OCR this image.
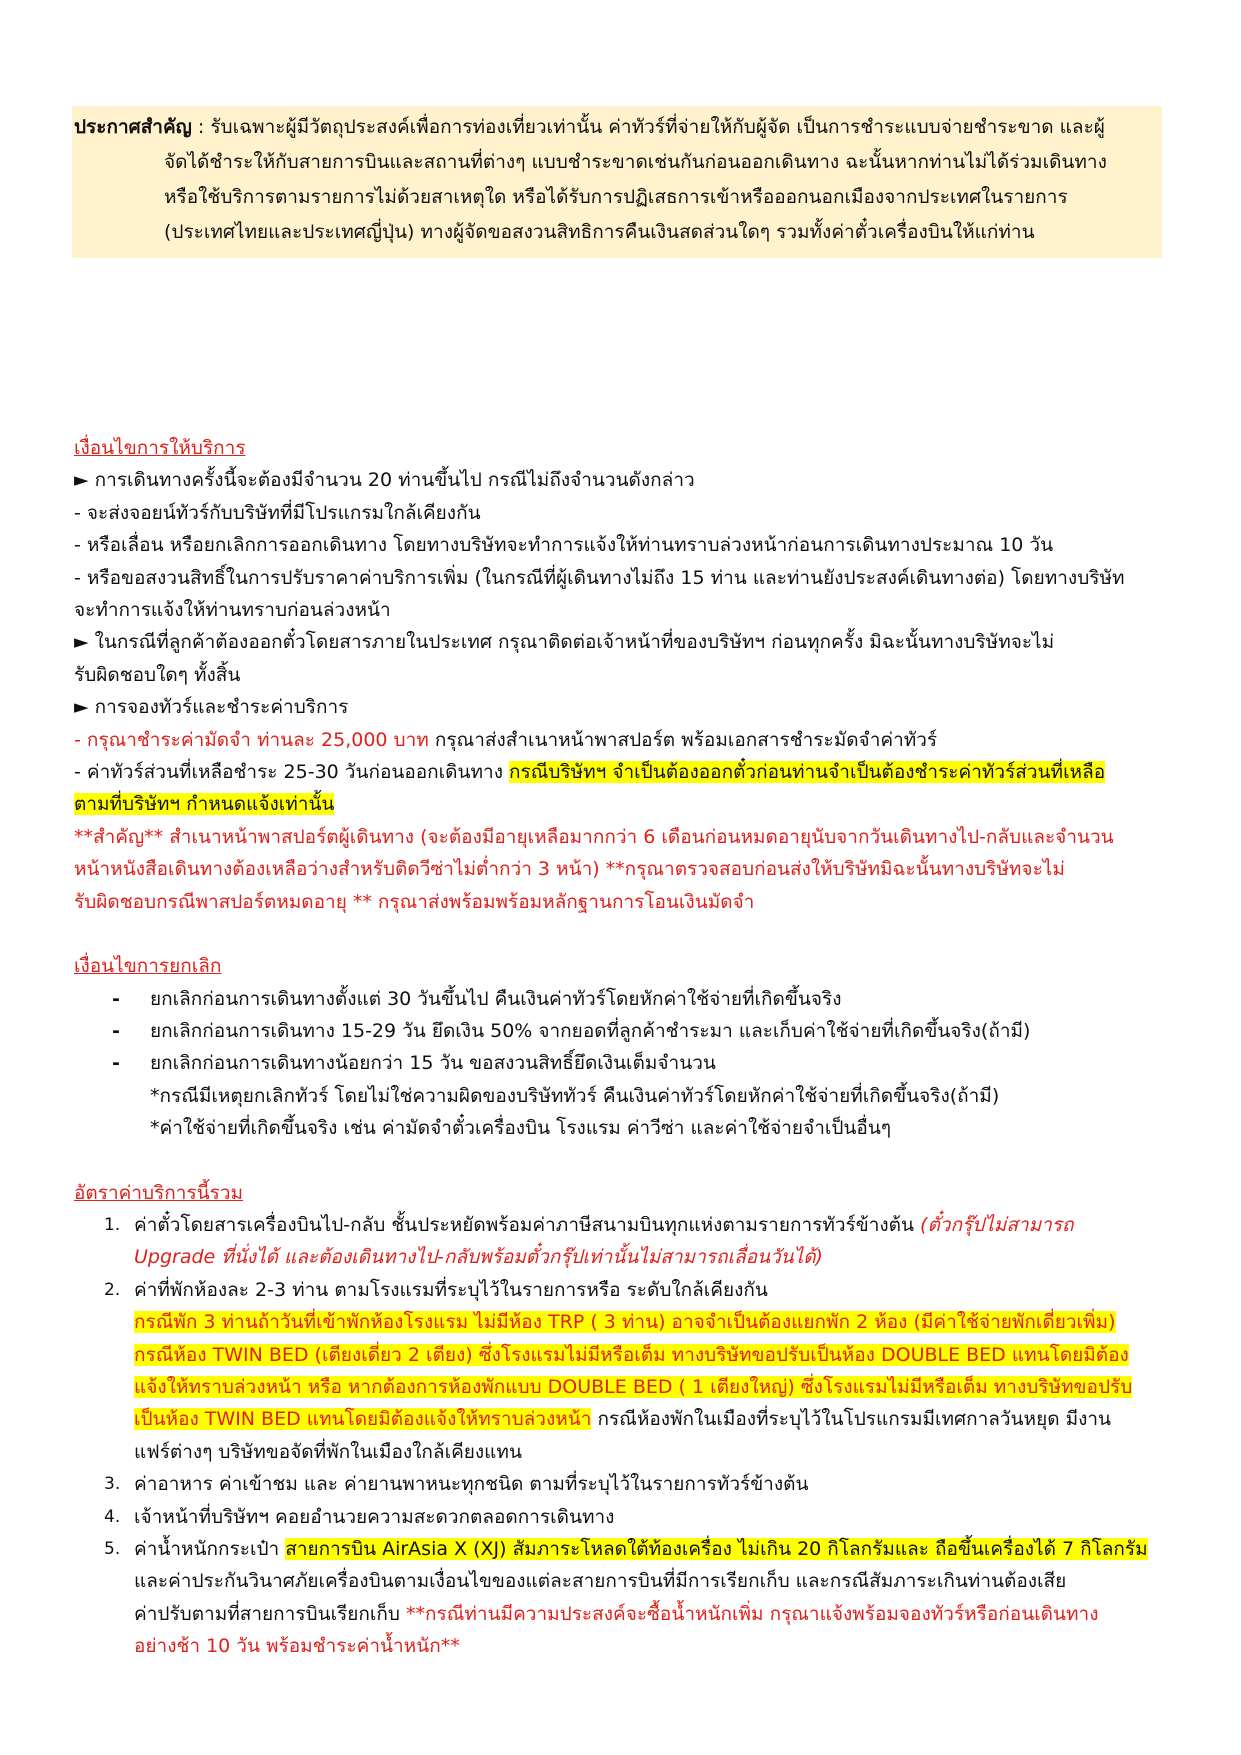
ประกาศสำคัญ : รับเฉพาะผู้มีวัตถุประสงค์เพื่อการท่องเที่ยวเท่านั้น ค่าทัวร์ที่จ่ายให้กับผู้จัด เป็นการชำระแบบจ่ายชำระขาด และผู้

จัดได้ชำระให้กับสายการบินและสถานที่ต่างๆ แบบชำระขาดเช่นกันก่อนออกเดินทาง ฉะนั้นหากท่านไม่ได้ร่วมเดินทาง

หรือใช้บริการตามรายการไม่ด้วยสาเหตุใด หรือได้รับการปฏิเสธการเข้าหรือออกนอกเมืองจากประเทศในรายการ

(ประเทศไทยและประเทศญี่ปุ่น) ทางผู้จัดขอสงวนสิทธิการคืนเงินสดส่วนใดๆ รวมทั้งค่าตั๋วเครื่องบินให้แก่ท่าน

เงื่อนไขการให้บริการ

► การเดินทางครั้งนี้จะต้องมีจำนวน 20 ท่านขึ้นไป กรณีไม่ถึงจำนวนดังกล่าว

- จะส่งจอยน์ทัวร์กับบริษัทที่มีโปรแกรมใกล้เคียงกัน

- หรือเลื่อน หรือยกเลิกการออกเดินทาง โดยทางบริษัทจะทำการแจ้งให้ท่านทราบล่วงหน้าก่อนการเดินทางประมาณ 10 วัน

- หรือขอสงวนสิทธิ์ในการปรับราคาค่าบริการเพิ่ม (ในกรณีที่ผู้เดินทางไม่ถึง 15 ท่าน และท่านยังประสงค์เดินทางต่อ) โดยทางบริษัท

จะทำการแจ้งให้ท่านทราบก่อนล่วงหน้า

► ในกรณีที่ลูกค้าต้องออกตั๋วโดยสารภายในประเทศ กรุณาติดต่อเจ้าหน้าที่ของบริษัทฯ ก่อนทุกครั้ง มิฉะนั้นทางบริษัทจะไม่

รับผิดชอบใดๆ ทั้งสิ้น

► การจองทัวร์และชำระค่าบริการ

- กรุณาชำระค่ามัดจำ ท่านละ 25,000 บาท กรุณาส่งสำเนาหน้าพาสปอร์ต พร้อมเอกสารชำระมัดจำค่าทัวร์

- ค่าทัวร์ส่วนที่เหลือชำระ 25-30 วันก่อนออกเดินทาง กรณีบริษัทฯ จำเป็นต้องออกตั๋วก่อนท่านจำเป็นต้องชำระค่าทัวร์ส่วนที่เหลือ

ตามที่บริษัทฯ กำหนดแจ้งเท่านั้น

**สำคัญ** สำเนาหน้าพาสปอร์ตผู้เดินทาง (จะต้องมีอายุเหลือมากกว่า 6 เดือนก่อนหมดอายุนับจากวันเดินทางไป-กลับและจำนวน

หน้าหนังสือเดินทางต้องเหลือว่างสำหรับติดวีซ่าไม่ต่ำกว่า 3 หน้า) **กรุณาตรวจสอบก่อนส่งให้บริษัทมิฉะนั้นทางบริษัทจะไม่

รับผิดชอบกรณีพาสปอร์ตหมดอายุ ** กรุณาส่งพร้อมพร้อมหลักฐานการโอนเงินมัดจำ

เงื่อนไขการยกเลิก

-	ยกเลิกก่อนการเดินทางตั้งแต่ 30 วันขึ้นไป คืนเงินค่าทัวร์โดยหักค่าใช้จ่ายที่เกิดขึ้นจริง
-	ยกเลิกก่อนการเดินทาง 15-29 วัน ยึดเงิน 50% จากยอดที่ลูกค้าชำระมา และเก็บค่าใช้จ่ายที่เกิดขึ้นจริง(ถ้ามี)
-	ยกเลิกก่อนการเดินทางน้อยกว่า 15 วัน ขอสงวนสิทธิ์ยึดเงินเต็มจำนวน

*กรณีมีเหตุยกเลิกทัวร์ โดยไม่ใช่ความผิดของบริษัททัวร์ คืนเงินค่าทัวร์โดยหักค่าใช้จ่ายที่เกิดขึ้นจริง(ถ้ามี)

*ค่าใช้จ่ายที่เกิดขึ้นจริง เช่น ค่ามัดจำตั๋วเครื่องบิน โรงแรม ค่าวีซ่า และค่าใช้จ่ายจำเป็นอื่นๆ

อัตราค่าบริการนี้รวม

1. ค่าตั๋วโดยสารเครื่องบินไป-กลับ ชั้นประหยัดพร้อมค่าภาษีสนามบินทุกแห่งตามรายการทัวร์ข้างต้น (ตั๋วกรุ๊ปไม่สามารถ

Upgrade ที่นั่งได้ และต้องเดินทางไป-กลับพร้อมตั๋วกรุ๊ปเท่านั้นไม่สามารถเลื่อนวันได้)

2. ค่าที่พักห้องละ 2-3 ท่าน ตามโรงแรมที่ระบุไว้ในรายการหรือ ระดับใกล้เคียงกัน

กรณีพัก 3 ท่านถ้าวันที่เข้าพักห้องโรงแรม ไม่มีห้อง TRP ( 3 ท่าน) อาจจำเป็นต้องแยกพัก 2 ห้อง (มีค่าใช้จ่ายพักเดี่ยวเพิ่ม)

กรณีห้อง TWIN BED (เตียงเดี่ยว 2 เตียง) ซึ่งโรงแรมไม่มีหรือเต็ม ทางบริษัทขอปรับเป็นห้อง DOUBLE BED แทนโดยมิต้อง

แจ้งให้ทราบล่วงหน้า หรือ หากต้องการห้องพักแบบ DOUBLE BED ( 1 เตียงใหญ่) ซึ่งโรงแรมไม่มีหรือเต็ม ทางบริษัทขอปรับ

เป็นห้อง TWIN BED แทนโดยมิต้องแจ้งให้ทราบล่วงหน้า กรณีห้องพักในเมืองที่ระบุไว้ในโปรแกรมมีเทศกาลวันหยุด มีงาน

แฟร์ต่างๆ บริษัทขอจัดที่พักในเมืองใกล้เคียงแทน

3. ค่าอาหาร ค่าเข้าชม และ ค่ายานพาหนะทุกชนิด ตามที่ระบุไว้ในรายการทัวร์ข้างต้น

4. เจ้าหน้าที่บริษัทฯ คอยอำนวยความสะดวกตลอดการเดินทาง

5. ค่าน้ำหนักกระเป๋า สายการบิน AirAsia X (XJ) สัมภาระโหลดใต้ท้องเครื่อง ไม่เกิน 20 กิโลกรัมและ ถือขึ้นเครื่องได้ 7 กิโลกรัม

และค่าประกันวินาศภัยเครื่องบินตามเงื่อนไขของแต่ละสายการบินที่มีการเรียกเก็บ และกรณีสัมภาระเกินท่านต้องเสีย

ค่าปรับตามที่สายการบินเรียกเก็บ **กรณีท่านมีความประสงค์จะซื้อน้ำหนักเพิ่ม กรุณาแจ้งพร้อมจองทัวร์หรือก่อนเดินทาง

อย่างช้า 10 วัน พร้อมชำระค่าน้ำหนัก**
